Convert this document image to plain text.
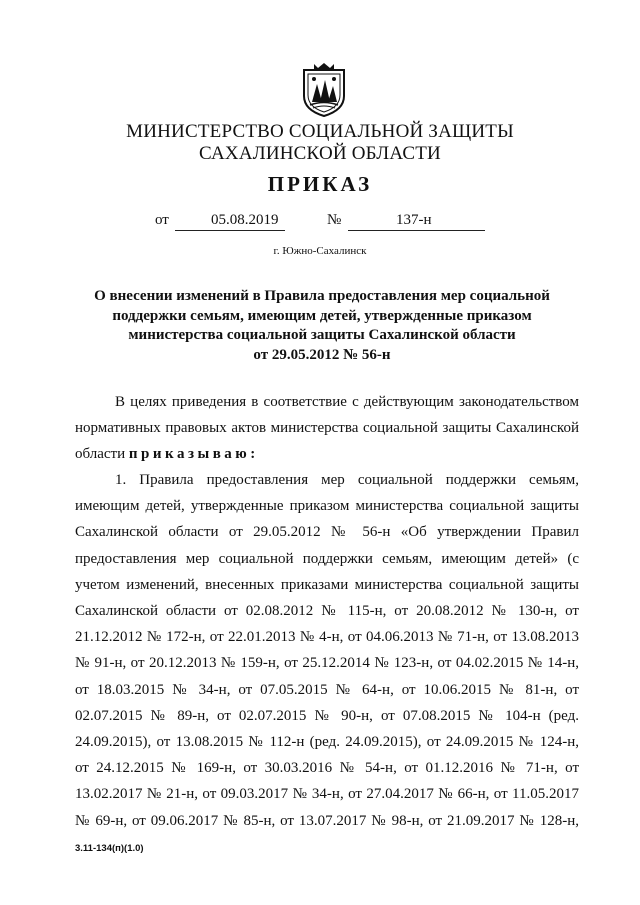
МИНИСТЕРСТВО СОЦИАЛЬНОЙ ЗАЩИТЫ
САХАЛИНСКОЙ ОБЛАСТИ
ПРИКАЗ
от	05.08.2019	№	137-н
г. Южно-Сахалинск
О внесении изменений в Правила предоставления мер социальной
поддержки семьям, имеющим детей, утвержденные приказом
министерства социальной защиты Сахалинской области
от 29.05.2012 № 56-н
В целях приведения в соответствие с действующим законодательством
нормативных правовых актов министерства социальной защиты Сахалинской
области приказываю:
1. Правила предоставления мер социальной поддержки семьям,
имеющим детей, утвержденные приказом министерства социальной защиты
Сахалинской области от 29.05.2012 № 56-н «Об утверждении Правил
предоставления мер социальной поддержки семьям, имеющим детей» (с
учетом изменений, внесенных приказами министерства социальной защиты
Сахалинской области от 02.08.2012 № 115-н, от 20.08.2012 № 130-н, от
21.12.2012 № 172-н, от 22.01.2013 № 4-н, от 04.06.2013 № 71-н, от 13.08.2013
№ 91-н, от 20.12.2013 № 159-н, от 25.12.2014 № 123-н, от 04.02.2015 № 14-н,
от 18.03.2015 № 34-н, от 07.05.2015 № 64-н, от 10.06.2015 № 81-н, от
02.07.2015 № 89-н, от 02.07.2015 № 90-н, от 07.08.2015 № 104-н (ред.
24.09.2015), от 13.08.2015 № 112-н (ред. 24.09.2015), от 24.09.2015 № 124-н,
от 24.12.2015 № 169-н, от 30.03.2016 № 54-н, от 01.12.2016 № 71-н, от
13.02.2017 № 21-н, от 09.03.2017 № 34-н, от 27.04.2017 № 66-н, от 11.05.2017
№ 69-н, от 09.06.2017 № 85-н, от 13.07.2017 № 98-н, от 21.09.2017 № 128-н,
3.11-134(п)(1.0)
